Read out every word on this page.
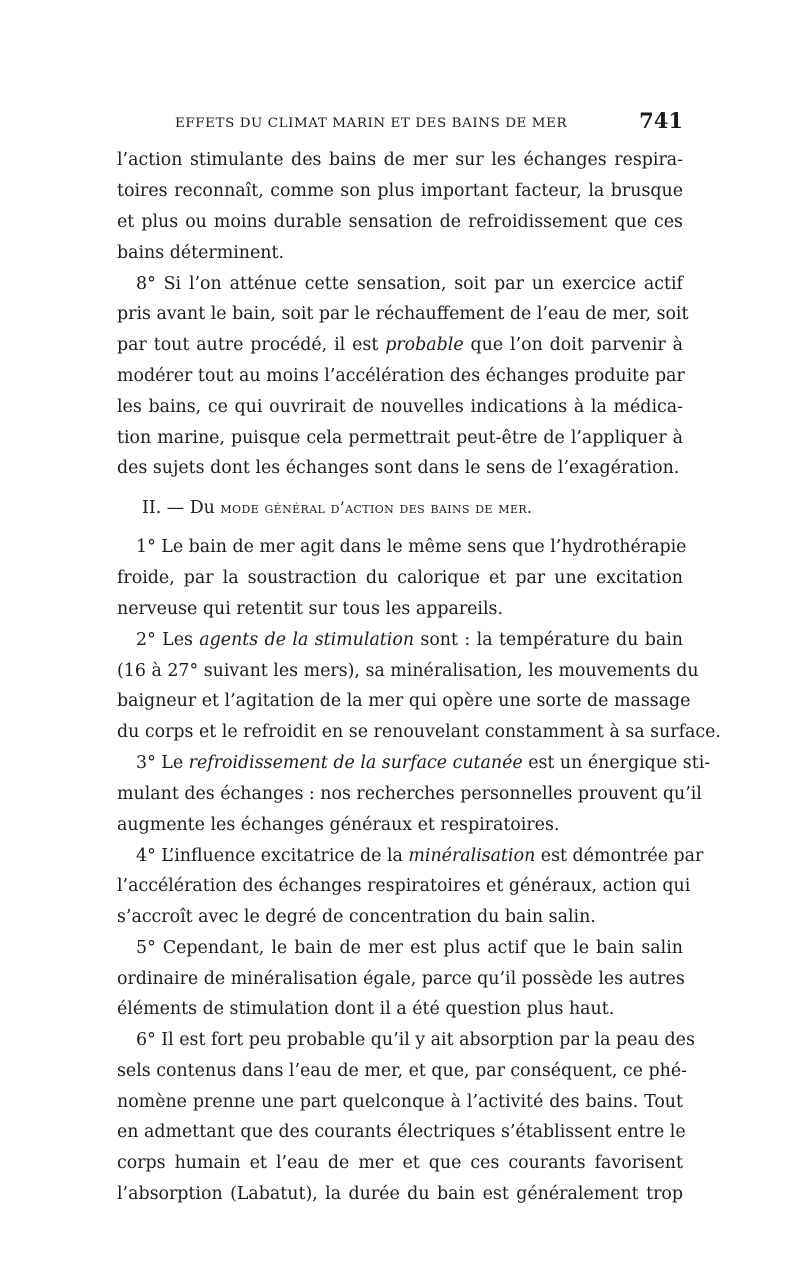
EFFETS DU CLIMAT MARIN ET DES BAINS DE MER	741
l’action stimulante des bains de mer sur les échanges respira-
toires reconnaît, comme son plus important facteur, la brusque
et plus ou moins durable sensation de refroidissement que ces
bains déterminent.
8° Si l’on atténue cette sensation, soit par un exercice actif
pris avant le bain, soit par le réchauffement de l’eau de mer, soit
par tout autre procédé, il est probable que l’on doit parvenir à
modérer tout au moins l’accélération des échanges produite par
les bains, ce qui ouvrirait de nouvelles indications à la médica-
tion marine, puisque cela permettrait peut-être de l’appliquer à
des sujets dont les échanges sont dans le sens de l’exagération.
II. — Du mode général d’action des bains de mer.
1° Le bain de mer agit dans le même sens que l’hydrothérapie
froide, par la soustraction du calorique et par une excitation
nerveuse qui retentit sur tous les appareils.
2° Les agents de la stimulation sont : la température du bain
(16 à 27° suivant les mers), sa minéralisation, les mouvements du
baigneur et l’agitation de la mer qui opère une sorte de massage
du corps et le refroidit en se renouvelant constamment à sa surface.
3° Le refroidissement de la surface cutanée est un énergique sti-
mulant des échanges : nos recherches personnelles prouvent qu’il
augmente les échanges généraux et respiratoires.
4° L’influence excitatrice de la minéralisation est démontrée par
l’accélération des échanges respiratoires et généraux, action qui
s’accroît avec le degré de concentration du bain salin.
5° Cependant, le bain de mer est plus actif que le bain salin
ordinaire de minéralisation égale, parce qu’il possède les autres
éléments de stimulation dont il a été question plus haut.
6° Il est fort peu probable qu’il y ait absorption par la peau des
sels contenus dans l’eau de mer, et que, par conséquent, ce phé-
nomène prenne une part quelconque à l’activité des bains. Tout
en admettant que des courants électriques s’établissent entre le
corps humain et l’eau de mer et que ces courants favorisent
l’absorption (Labatut), la durée du bain est généralement trop
